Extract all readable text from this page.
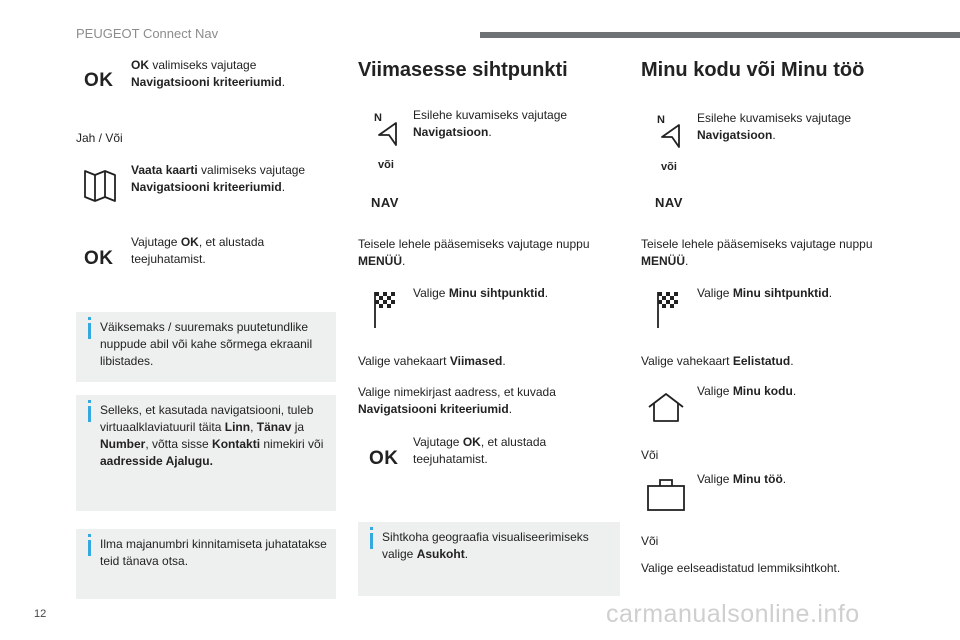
PEUGEOT Connect Nav
OK
OK valimiseks vajutage Navigatsiooni kriteeriumid.
Jah / Või
Vaata kaarti valimiseks vajutage Navigatsiooni kriteeriumid.
OK
Vajutage OK, et alustada teejuhatamist.
Väiksemaks / suuremaks puutetundlike nuppude abil või kahe sõrmega ekraanil libistades.
Selleks, et kasutada navigatsiooni, tuleb virtuaalklaviatuuril täita Linn, Tänav ja Number, võtta sisse Kontakti nimekiri või aadresside Ajalugu.
Ilma majanumbri kinnitamiseta juhatatakse teid tänava otsa.
Viimasesse sihtpunkti
N
või
NAV
Esilehe kuvamiseks vajutage Navigatsioon.
Teisele lehele pääsemiseks vajutage nuppu MENÜÜ.
Valige Minu sihtpunktid.
Valige vahekaart Viimased.
Valige nimekirjast aadress, et kuvada Navigatsiooni kriteeriumid.
OK
Vajutage OK, et alustada teejuhatamist.
Sihtkoha geograafia visualiseerimiseks valige Asukoht.
Minu kodu või Minu töö
N
või
NAV
Esilehe kuvamiseks vajutage Navigatsioon.
Teisele lehele pääsemiseks vajutage nuppu MENÜÜ.
Valige Minu sihtpunktid.
Valige vahekaart Eelistatud.
Valige Minu kodu.
Või
Valige Minu töö.
Või
Valige eelseadistatud lemmiksihtkoht.
12	carmanualsonline.info
